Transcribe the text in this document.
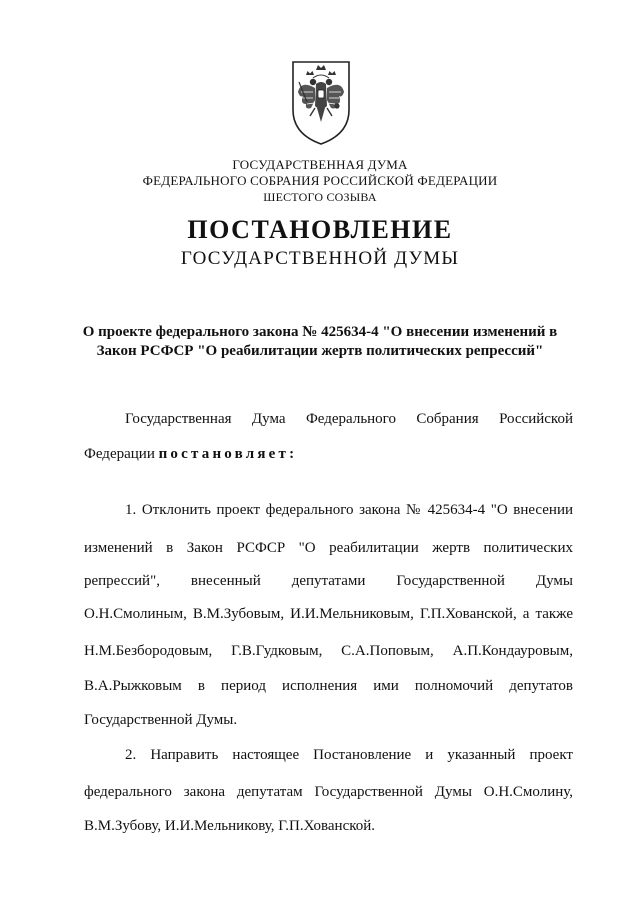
ГОСУДАРСТВЕННАЯ ДУМА
ФЕДЕРАЛЬНОГО СОБРАНИЯ РОССИЙСКОЙ ФЕДЕРАЦИИ
ШЕСТОГО СОЗЫВА
ПОСТАНОВЛЕНИЕ
ГОСУДАРСТВЕННОЙ ДУМЫ
О проекте федерального закона № 425634-4 "О внесении изменений в
Закон РСФСР "О реабилитации жертв политических репрессий"
Государственная Дума Федерального Собрания Российской
Федерации постановляет:
1. Отклонить проект федерального закона № 425634-4 "О внесении
изменений в Закон РСФСР "О реабилитации жертв политических
репрессий", внесенный депутатами Государственной Думы
О.Н.Смолиным, В.М.Зубовым, И.И.Мельниковым, Г.П.Хованской, а также
Н.М.Безбородовым, Г.В.Гудковым, С.А.Поповым, А.П.Кондауровым,
В.А.Рыжковым в период исполнения ими полномочий депутатов
Государственной Думы.
2. Направить настоящее Постановление и указанный проект
федерального закона депутатам Государственной Думы О.Н.Смолину,
В.М.Зубову, И.И.Мельникову, Г.П.Хованской.
